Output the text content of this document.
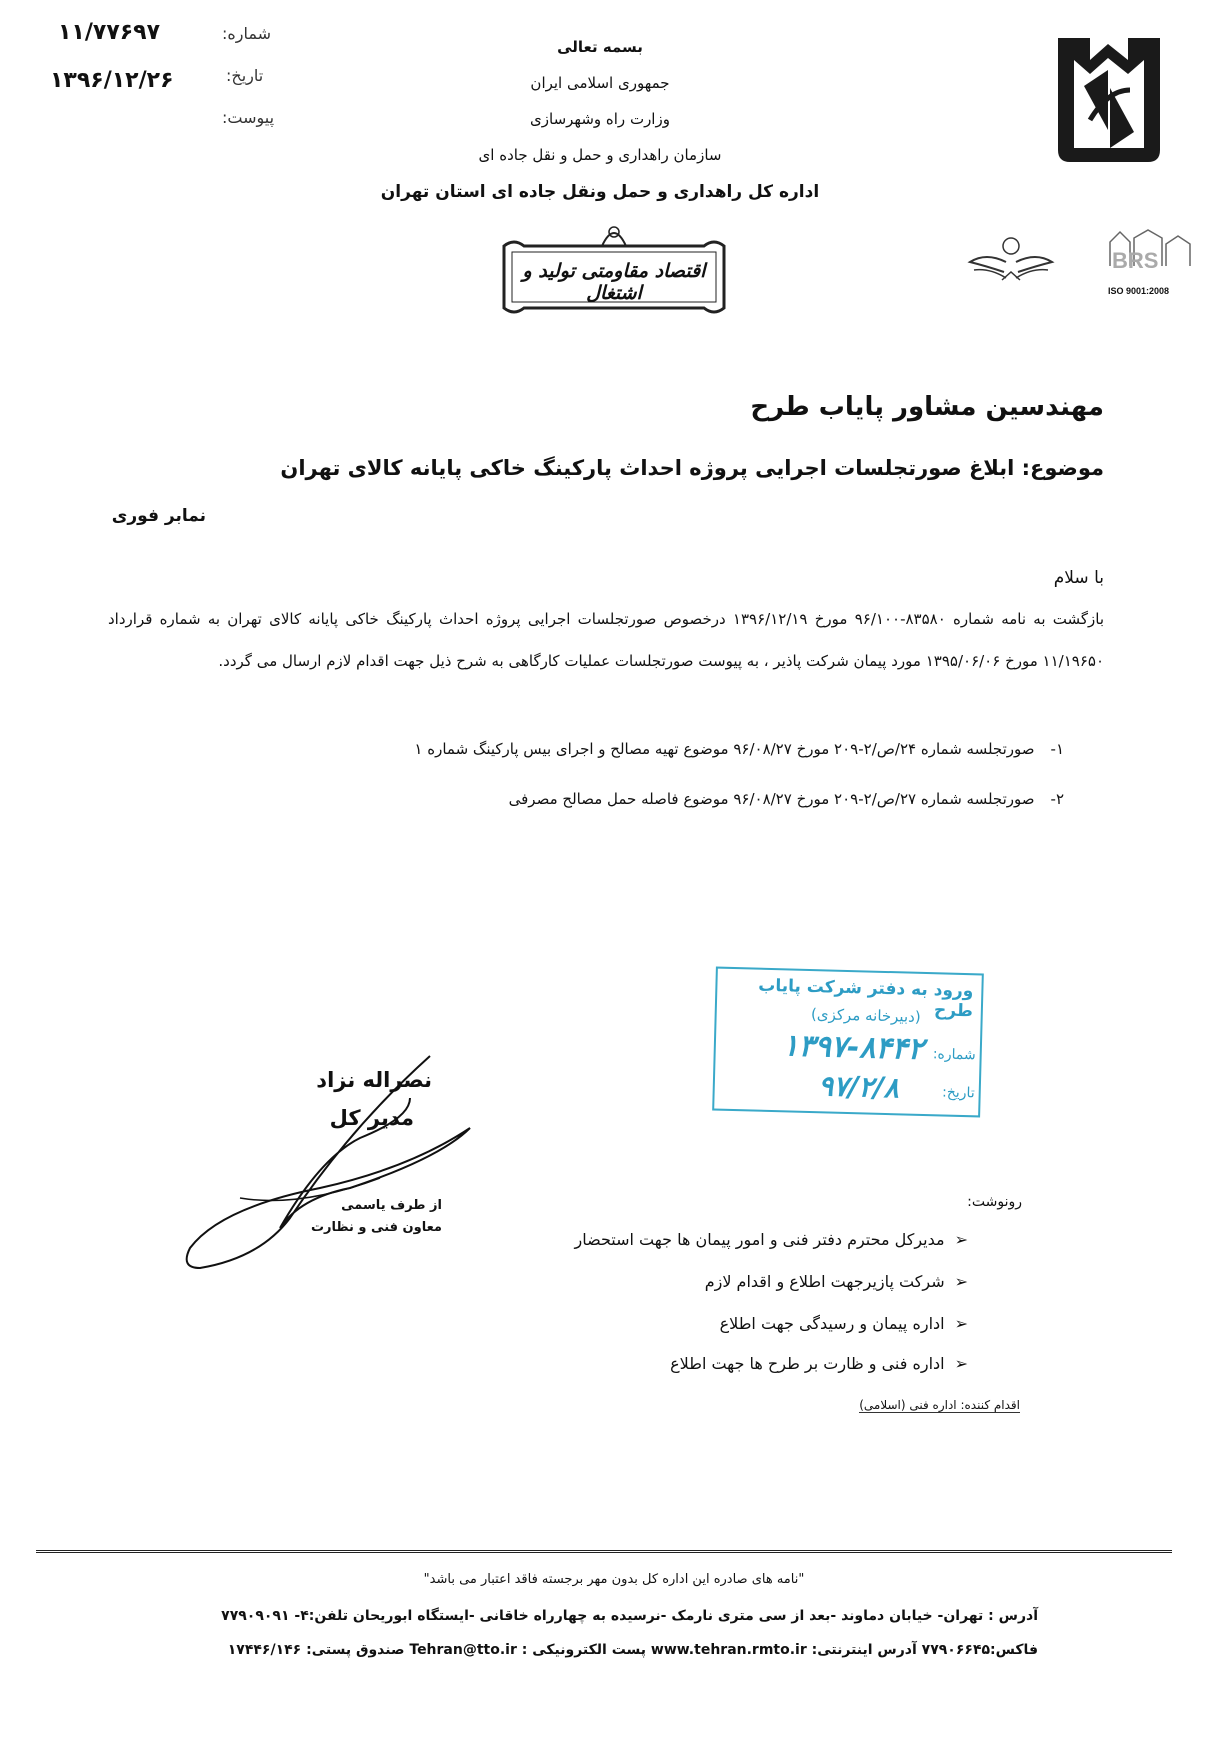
۱۱/۷۷۶۹۷	شماره:
۱۳۹۶/۱۲/۲۶	تاریخ:
پیوست:
بسمه تعالی
جمهوری اسلامی ایران
وزارت راه وشهرسازی
سازمان راهداری و حمل و نقل جاده ای
اداره کل راهداری و حمل ونقل جاده ای استان تهران
اقتصاد مقاومتی تولید و اشتغال
BRS
ISO 9001:2008
مهندسین مشاور پایاب طرح
موضوع: ابلاغ صورتجلسات اجرایی پروژه احداث پارکینگ خاکی پایانه کالای تهران
نمابر فوری
با سلام
بازگشت به نامه شماره ۸۳۵۸۰-۹۶/۱۰۰ مورخ ۱۳۹۶/۱۲/۱۹ درخصوص صورتجلسات اجرایی پروژه احداث پارکینگ خاکی پایانه کالای تهران به شماره قرارداد ۱۱/۱۹۶۵۰ مورخ ۱۳۹۵/۰۶/۰۶ مورد پیمان شرکت پاذیر ، به پیوست صورتجلسات عملیات کارگاهی به شرح ذیل جهت اقدام لازم ارسال می گردد.
۱-
صورتجلسه شماره ۲۴/ص/۲-۲۰۹ مورخ ۹۶/۰۸/۲۷ موضوع تهیه مصالح و اجرای بیس پارکینگ شماره ۱
۲-
صورتجلسه شماره ۲۷/ص/۲-۲۰۹ مورخ ۹۶/۰۸/۲۷ موضوع فاصله حمل مصالح مصرفی
ورود به دفتر شرکت پایاب طرح
(دبیرخانه مرکزی)
شماره:
۱۳۹۷-۸۴۴۲
تاریخ:
۹۷/۲/۸
نصراله نزاد
مدیر کل
از طرف یاسمی
معاون فنی و نظارت
رونوشت:
➢
مدیرکل محترم دفتر فنی و امور پیمان ها جهت استحضار
➢
شرکت پازیرجهت اطلاع و اقدام لازم
➢
اداره پیمان و رسیدگی جهت اطلاع
➢
اداره فنی و ظارت بر طرح ها جهت اطلاع
اقدام کننده: اداره فنی (اسلامی)
"نامه های صادره این اداره کل بدون مهر برجسته فاقد اعتبار می باشد"
آدرس : تهران- خیابان دماوند -بعد از سی متری نارمک -نرسیده به چهارراه خاقانی -ایستگاه ابوریحان تلفن:۴- ۷۷۹۰۹۰۹۱
فاکس:۷۷۹۰۶۶۴۵ آدرس اینترنتی: www.tehran.rmto.ir پست الکترونیکی : Tehran@tto.ir صندوق پستی: ۱۷۴۴۶/۱۴۶
